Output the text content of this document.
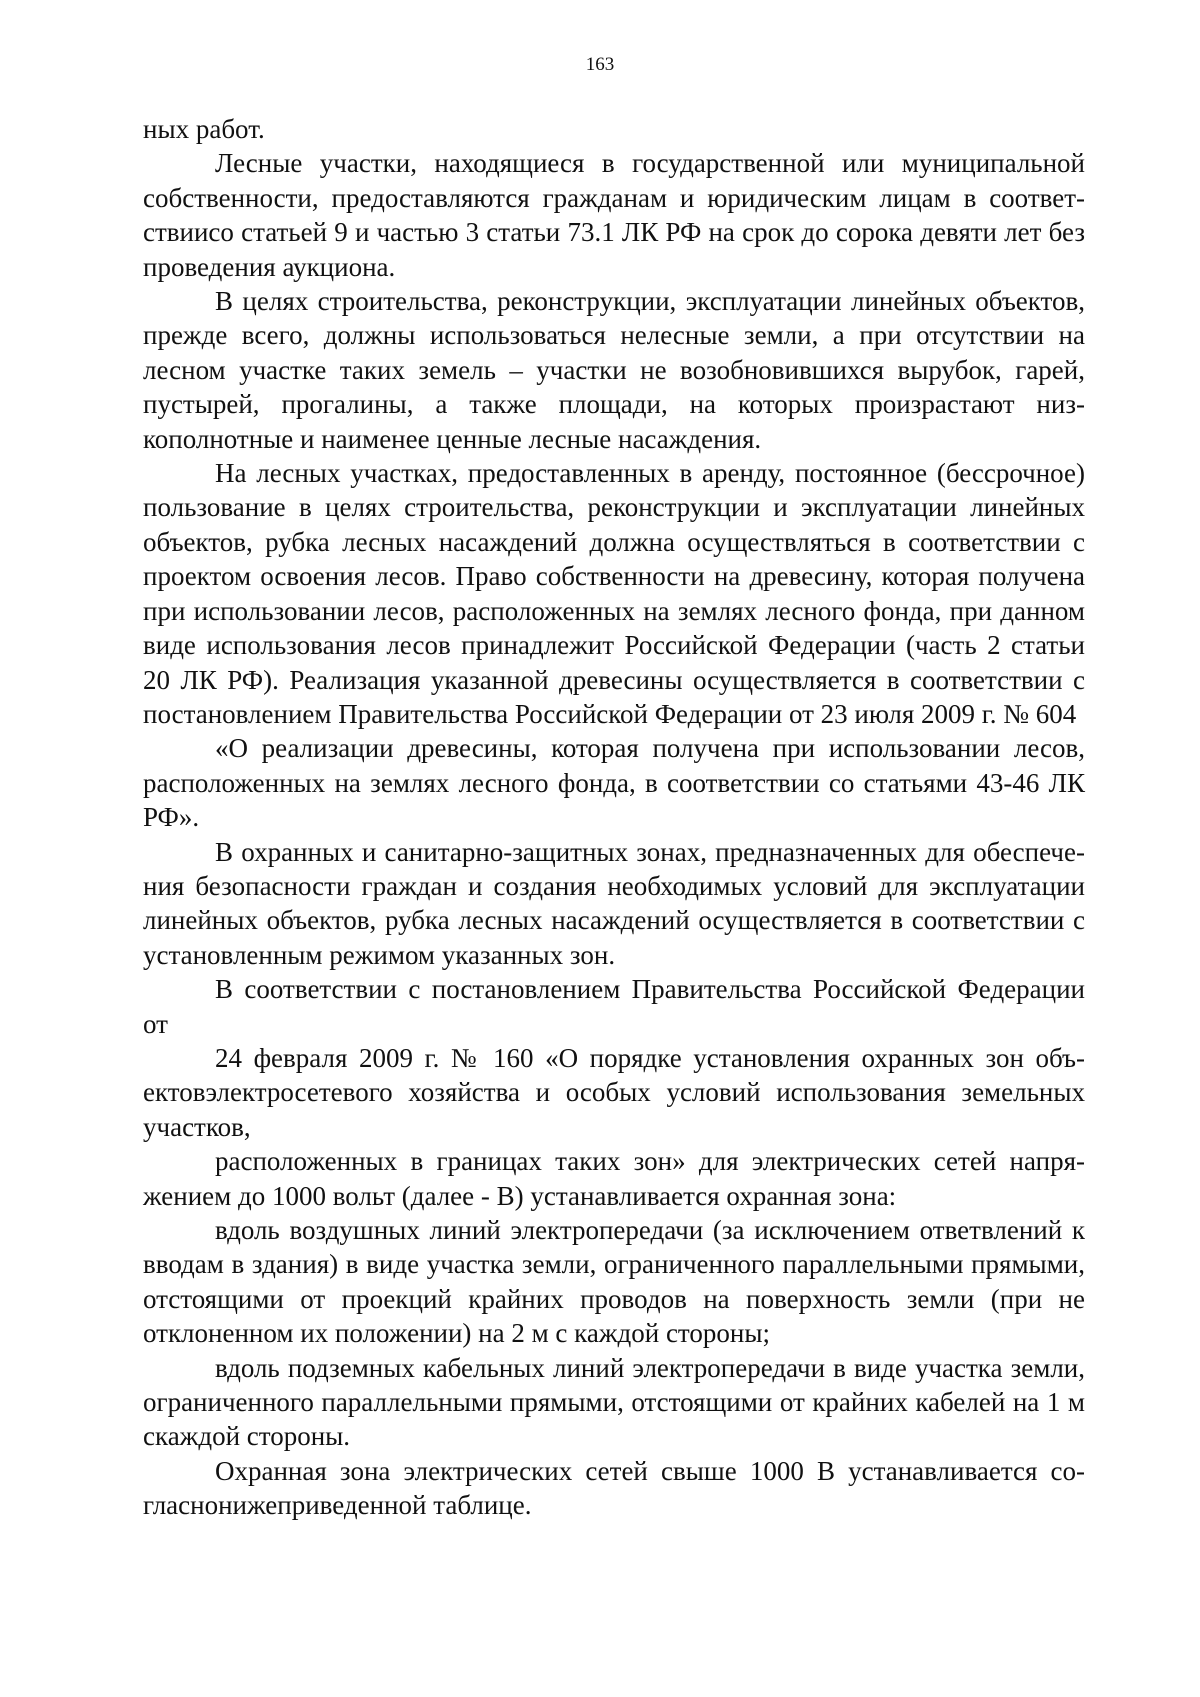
163

ных работ.

Лесные участки, находящиеся в государственной или муниципальной собственности, предоставляются гражданам и юридическим лицам в соответствиисо статьей 9 и частью 3 статьи 73.1 ЛК РФ на срок до сорока девяти лет без проведения аукциона.

В целях строительства, реконструкции, эксплуатации линейных объектов, прежде всего, должны использоваться нелесные земли, а при отсутствии на лесном участке таких земель – участки не возобновившихся вырубок, гарей, пустырей, прогалины, а также площади, на которых произрастают низкополнотные и наименее ценные лесные насаждения.

На лесных участках, предоставленных в аренду, постоянное (бессрочное) пользование в целях строительства, реконструкции и эксплуатации линейных объектов, рубка лесных насаждений должна осуществляться в соответствии с проектом освоения лесов. Право собственности на древесину, которая получена при использовании лесов, расположенных на землях лесного фонда, при данном виде использования лесов принадлежит Российской Федерации (часть 2 статьи 20 ЛК РФ). Реализация указанной древесины осуществляется в соответствии с постановлением Правительства Российской Федерации от 23 июля 2009 г. № 604

«О реализации древесины, которая получена при использовании лесов, расположенных на землях лесного фонда, в соответствии со статьями 43-46 ЛК РФ».

В охранных и санитарно-защитных зонах, предназначенных для обеспечения безопасности граждан и создания необходимых условий для эксплуатации линейных объектов, рубка лесных насаждений осуществляется в соответствии с установленным режимом указанных зон.

В соответствии с постановлением Правительства Российской Федерации от

24 февраля 2009 г. № 160 «О порядке установления охранных зон объектовэлектросетевого хозяйства и особых условий использования земельных участков,

расположенных в границах таких зон» для электрических сетей напряжением до 1000 вольт (далее - В) устанавливается охранная зона:

вдоль воздушных линий электропередачи (за исключением ответвлений к вводам в здания) в виде участка земли, ограниченного параллельными прямыми, отстоящими от проекций крайних проводов на поверхность земли (при не отклоненном их положении) на 2 м с каждой стороны;

вдоль подземных кабельных линий электропередачи в виде участка земли, ограниченного параллельными прямыми, отстоящими от крайних кабелей на 1 м скаждой стороны.

Охранная зона электрических сетей свыше 1000 В устанавливается согласнонижеприведенной таблице.
